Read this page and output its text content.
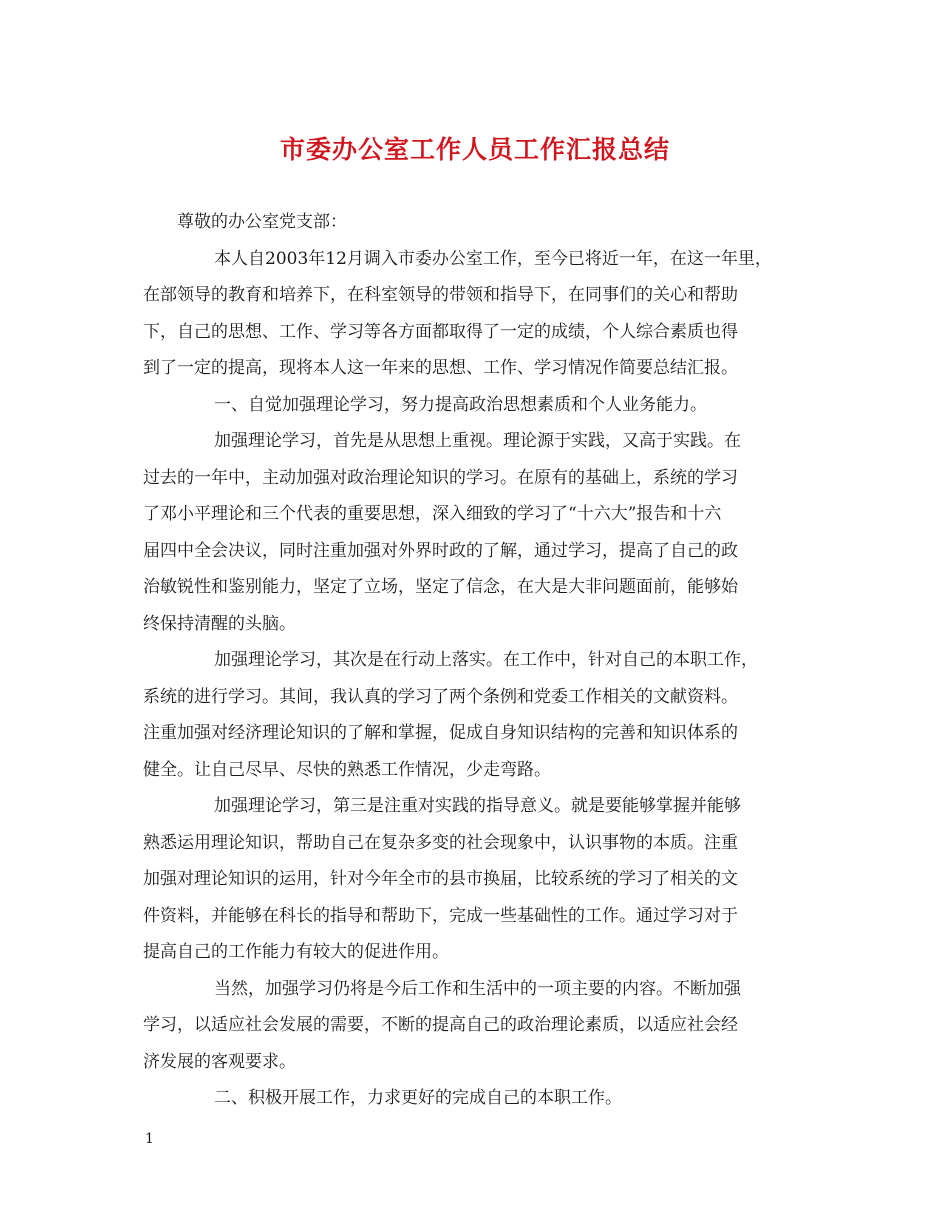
市委办公室工作人员工作汇报总结
尊敬的办公室党支部：
本人自2003年12月调入市委办公室工作，至今已将近一年，在这一年里，
在部领导的教育和培养下，在科室领导的带领和指导下，在同事们的关心和帮助
下，自己的思想、工作、学习等各方面都取得了一定的成绩，个人综合素质也得
到了一定的提高，现将本人这一年来的思想、工作、学习情况作简要总结汇报。
一、自觉加强理论学习，努力提高政治思想素质和个人业务能力。
加强理论学习，首先是从思想上重视。理论源于实践，又高于实践。在
过去的一年中，主动加强对政治理论知识的学习。在原有的基础上，系统的学习
了邓小平理论和三个代表的重要思想，深入细致的学习了“十六大”报告和十六
届四中全会决议，同时注重加强对外界时政的了解，通过学习，提高了自己的政
治敏锐性和鉴别能力，坚定了立场，坚定了信念，在大是大非问题面前，能够始
终保持清醒的头脑。
加强理论学习，其次是在行动上落实。在工作中，针对自己的本职工作，
系统的进行学习。其间，我认真的学习了两个条例和党委工作相关的文献资料。
注重加强对经济理论知识的了解和掌握，促成自身知识结构的完善和知识体系的
健全。让自己尽早、尽快的熟悉工作情况，少走弯路。
加强理论学习，第三是注重对实践的指导意义。就是要能够掌握并能够
熟悉运用理论知识，帮助自己在复杂多变的社会现象中，认识事物的本质。注重
加强对理论知识的运用，针对今年全市的县市换届，比较系统的学习了相关的文
件资料，并能够在科长的指导和帮助下，完成一些基础性的工作。通过学习对于
提高自己的工作能力有较大的促进作用。
当然，加强学习仍将是今后工作和生活中的一项主要的内容。不断加强
学习，以适应社会发展的需要，不断的提高自己的政治理论素质，以适应社会经
济发展的客观要求。
二、积极开展工作，力求更好的完成自己的本职工作。
1
